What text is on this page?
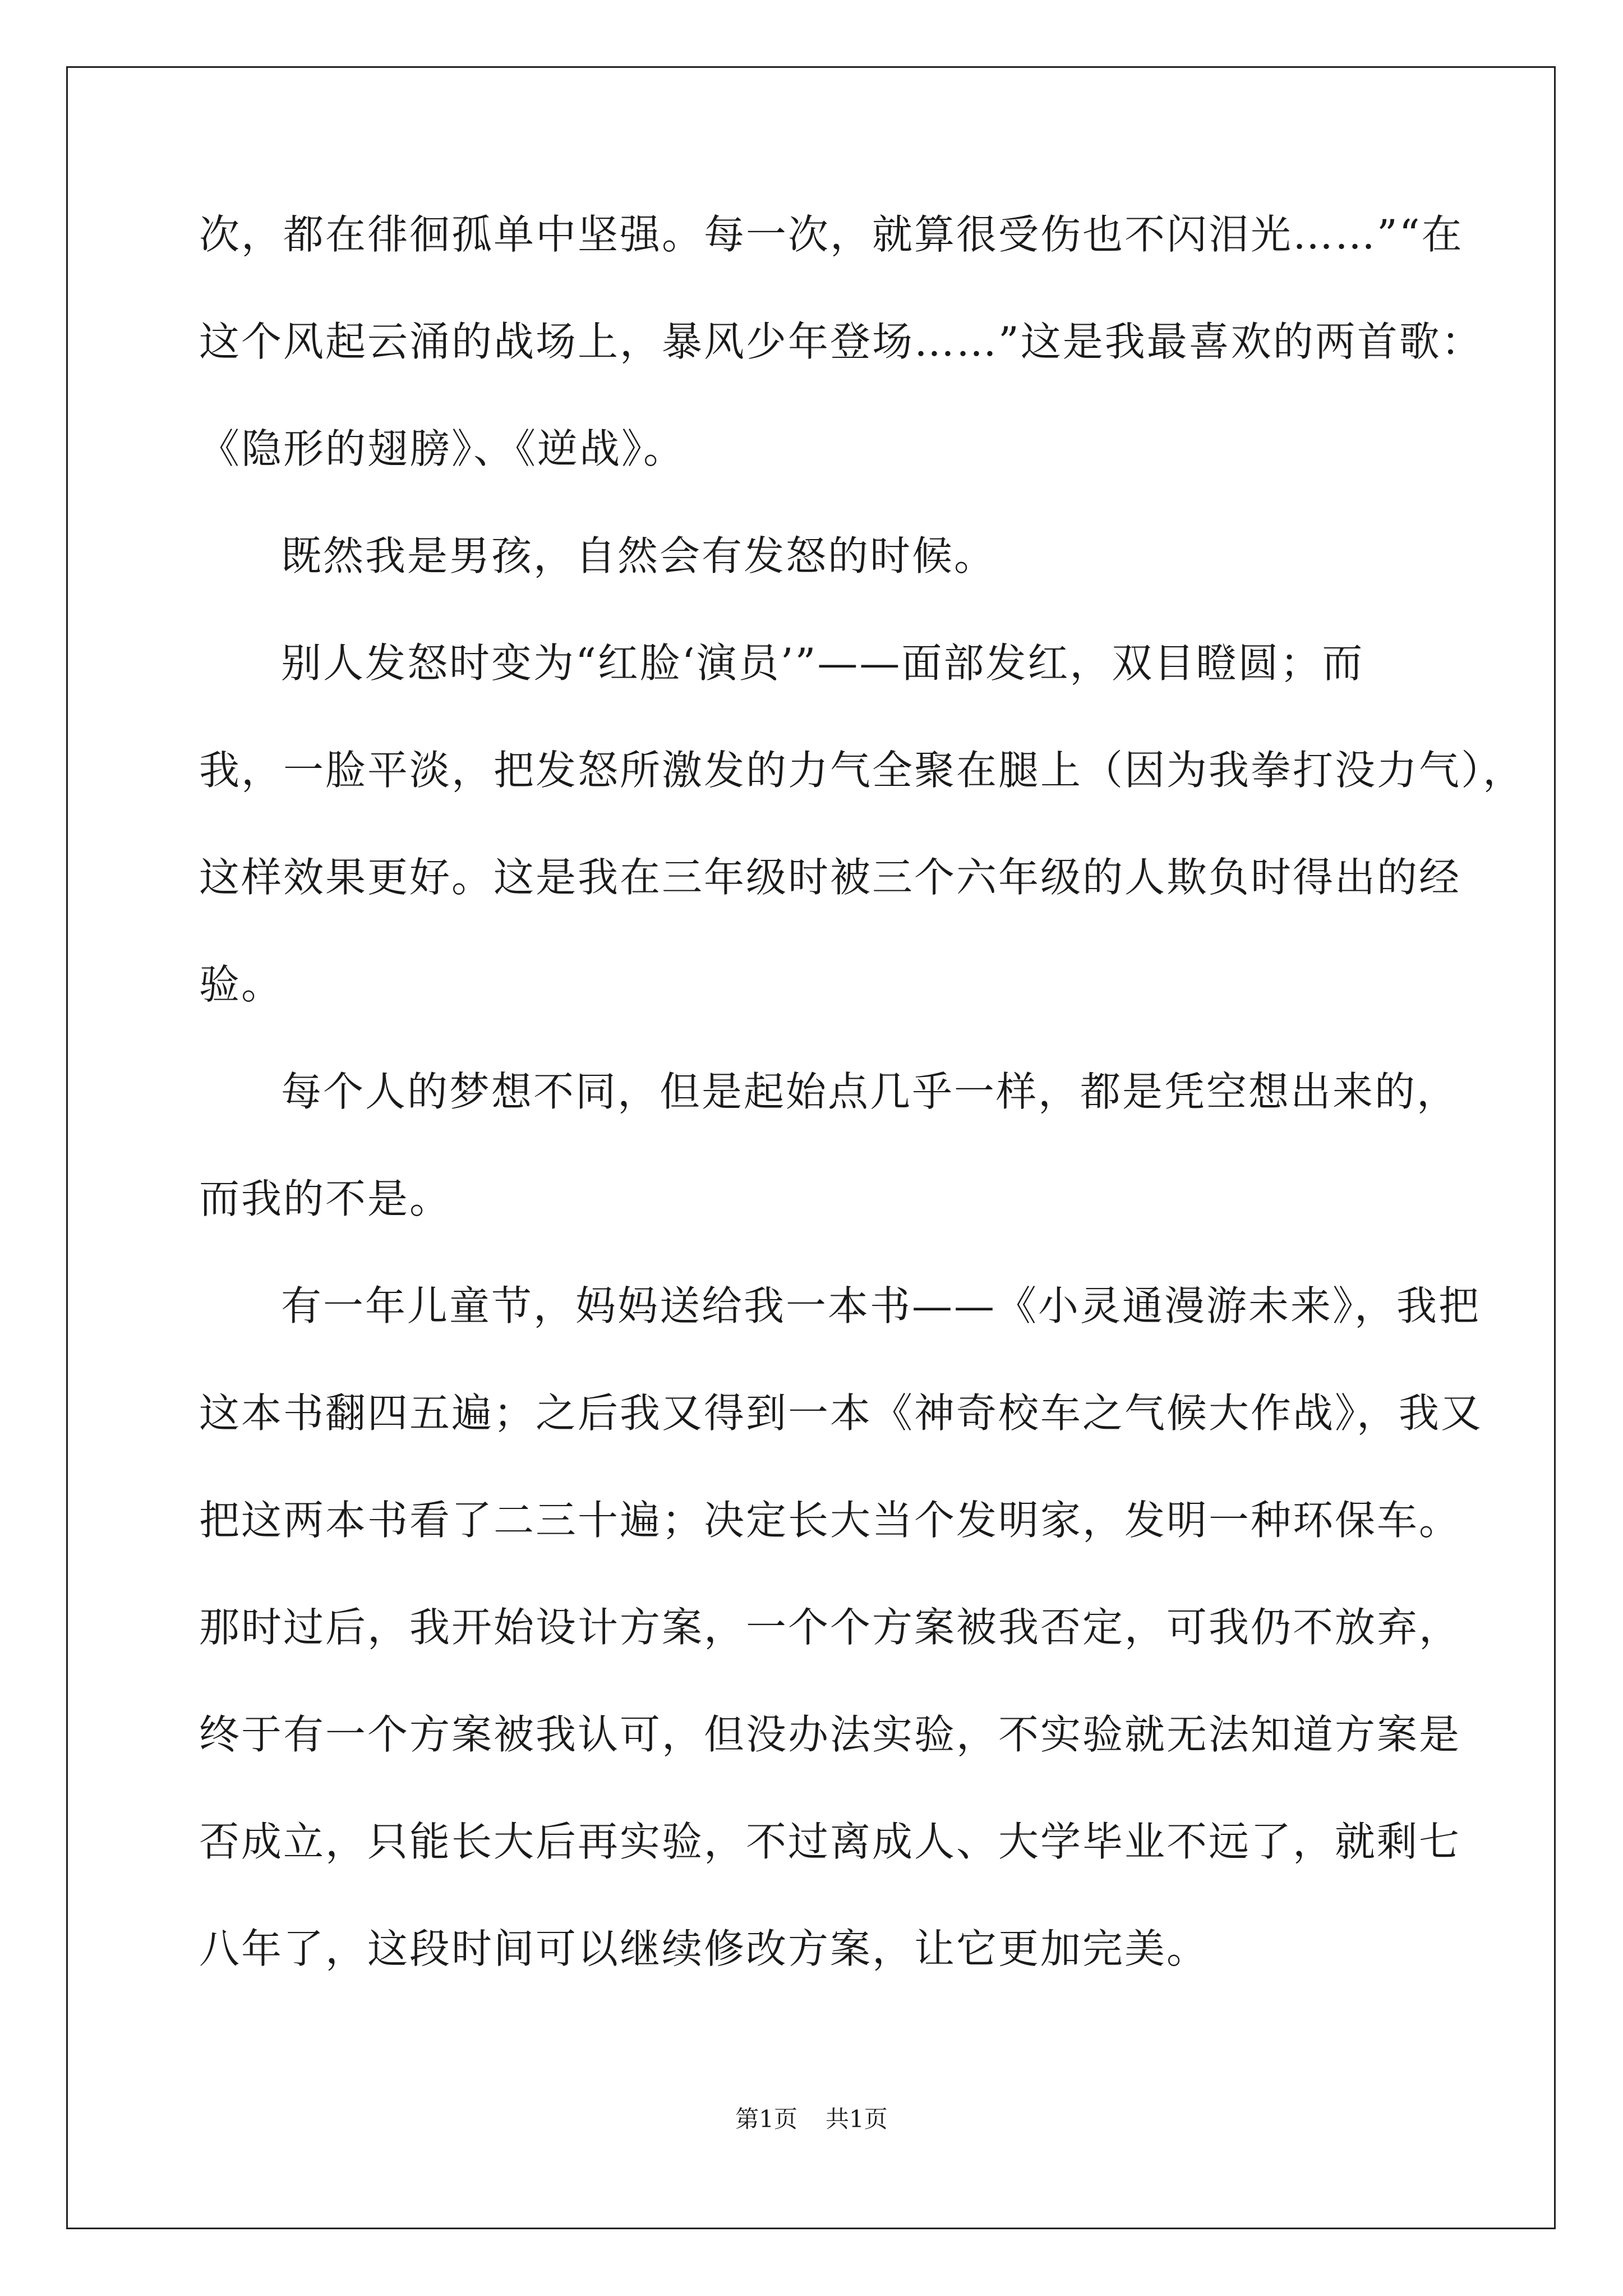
次，都在徘徊孤单中坚强。每一次，就算很受伤也不闪泪光……”“在
这个风起云涌的战场上，暴风少年登场……”这是我最喜欢的两首歌：
《隐形的翅膀》、《逆战》。
既然我是男孩，自然会有发怒的时候。
别人发怒时变为“红脸‘演员’”——面部发红，双目瞪圆；而
我，一脸平淡，把发怒所激发的力气全聚在腿上（因为我拳打没力气），
这样效果更好。这是我在三年级时被三个六年级的人欺负时得出的经
验。
每个人的梦想不同，但是起始点几乎一样，都是凭空想出来的，
而我的不是。
有一年儿童节，妈妈送给我一本书——《小灵通漫游未来》，我把
这本书翻四五遍；之后我又得到一本《神奇校车之气候大作战》，我又
把这两本书看了二三十遍；决定长大当个发明家，发明一种环保车。
那时过后，我开始设计方案，一个个方案被我否定，可我仍不放弃，
终于有一个方案被我认可，但没办法实验，不实验就无法知道方案是
否成立，只能长大后再实验，不过离成人、大学毕业不远了，就剩七
八年了，这段时间可以继续修改方案，让它更加完美。
第1页 共1页
